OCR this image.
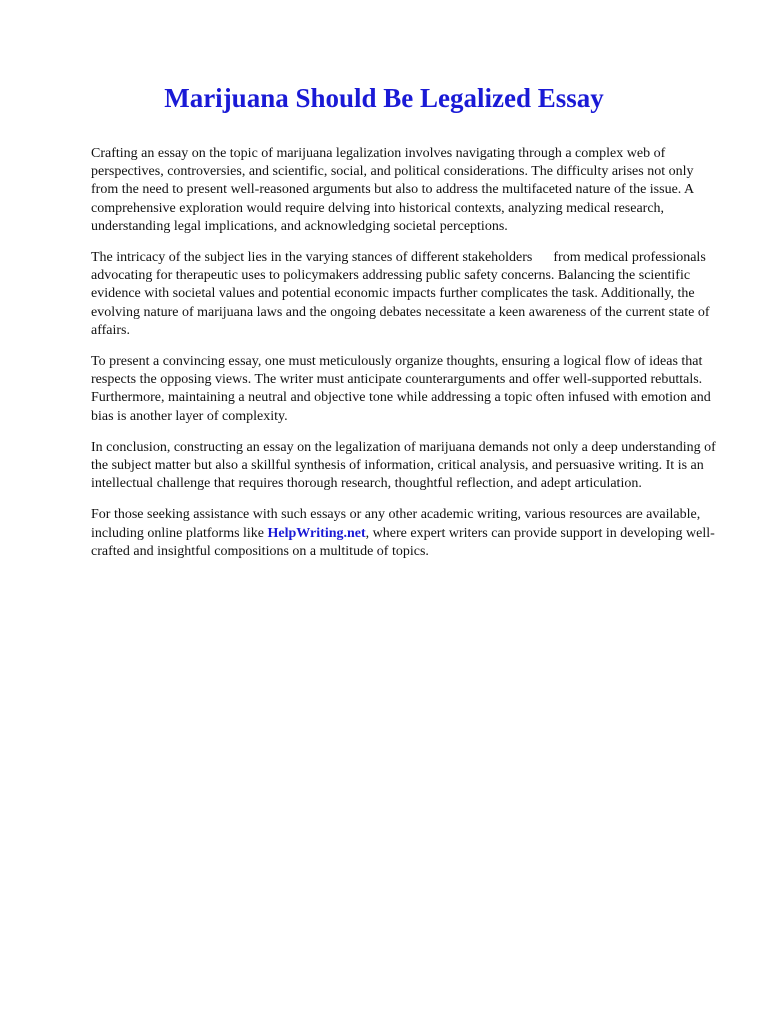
Marijuana Should Be Legalized Essay

Crafting an essay on the topic of marijuana legalization involves navigating through a complex web of perspectives, controversies, and scientific, social, and political considerations. The difficulty arises not only from the need to present well-reasoned arguments but also to address the multifaceted nature of the issue. A comprehensive exploration would require delving into historical contexts, analyzing medical research, understanding legal implications, and acknowledging societal perceptions.

The intricacy of the subject lies in the varying stances of different stakeholders   from medical professionals advocating for therapeutic uses to policymakers addressing public safety concerns. Balancing the scientific evidence with societal values and potential economic impacts further complicates the task. Additionally, the evolving nature of marijuana laws and the ongoing debates necessitate a keen awareness of the current state of affairs.

To present a convincing essay, one must meticulously organize thoughts, ensuring a logical flow of ideas that respects the opposing views. The writer must anticipate counterarguments and offer well-supported rebuttals. Furthermore, maintaining a neutral and objective tone while addressing a topic often infused with emotion and bias is another layer of complexity.

In conclusion, constructing an essay on the legalization of marijuana demands not only a deep understanding of the subject matter but also a skillful synthesis of information, critical analysis, and persuasive writing. It is an intellectual challenge that requires thorough research, thoughtful reflection, and adept articulation.

For those seeking assistance with such essays or any other academic writing, various resources are available, including online platforms like HelpWriting.net, where expert writers can provide support in developing well-crafted and insightful compositions on a multitude of topics.
